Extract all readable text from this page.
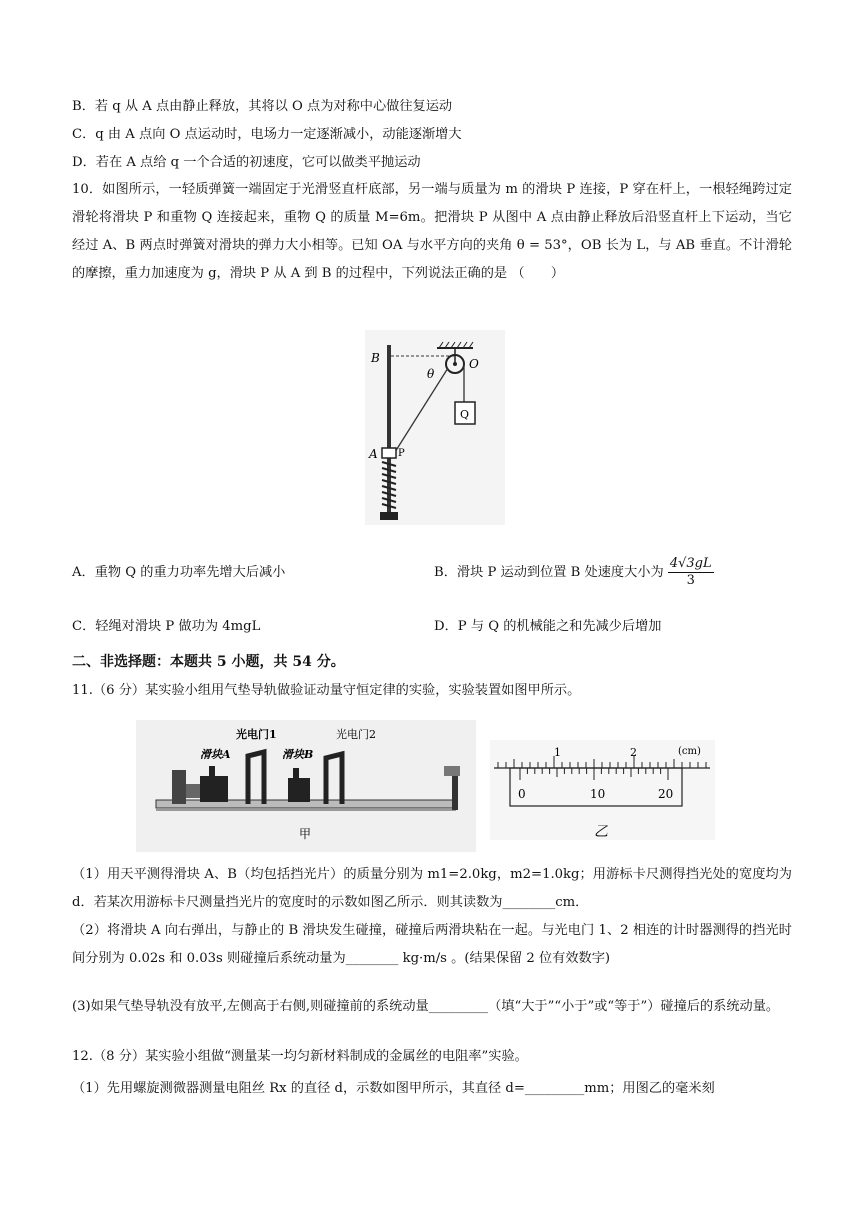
B．若 q 从 A 点由静止释放，其将以 O 点为对称中心做往复运动
C．q 由 A 点向 O 点运动时，电场力一定逐渐减小，动能逐渐增大
D．若在 A 点给 q 一个合适的初速度，它可以做类平抛运动
10．如图所示，一轻质弹簧一端固定于光滑竖直杆底部，另一端与质量为 m 的滑块 P 连接，P 穿在杆上，一根轻绳跨过定滑轮将滑块 P 和重物 Q 连接起来，重物 Q 的质量 M=6m。把滑块 P 从图中 A 点由静止释放后沿竖直杆上下运动，当它经过 A、B 两点时弹簧对滑块的弹力大小相等。已知 OA 与水平方向的夹角 θ = 53°，OB 长为 L，与 AB 垂直。不计滑轮的摩擦，重力加速度为 g，滑块 P 从 A 到 B 的过程中，下列说法正确的是 （　　）
Q
B	O
θ
A P
A．重物 Q 的重力功率先增大后减小	B．滑块 P 运动到位置 B 处速度大小为 $\frac{4√3gL}{3}$
C．轻绳对滑块 P 做功为 4mgL	D．P 与 Q 的机械能之和先减少后增加
二、非选择题：本题共 5 小题，共 54 分。
11.（6 分）某实验小组用气垫导轨做验证动量守恒定律的实验，实验装置如图甲所示。
光电门1	光电门2
滑块A	滑块B
甲
1	2	(cm)
0	10	20
乙
（1）用天平测得滑块 A、B（均包括挡光片）的质量分别为 m1=2.0kg，m2=1.0kg；用游标卡尺测得挡光处的宽度均为 d．若某次用游标卡尺测量挡光片的宽度时的示数如图乙所示．则其读数为________cm．
（2）将滑块 A 向右弹出，与静止的 B 滑块发生碰撞，碰撞后两滑块粘在一起。与光电门 1、2 相连的计时器测得的挡光时间分别为 0.02s 和 0.03s 则碰撞后系统动量为________ kg·m/s 。(结果保留 2 位有效数字)
(3)如果气垫导轨没有放平,左侧高于右侧,则碰撞前的系统动量_________（填“大于”“小于”或“等于”）碰撞后的系统动量。
12.（8 分）某实验小组做“测量某一均匀新材料制成的金属丝的电阻率”实验。
（1）先用螺旋测微器测量电阻丝 Rx 的直径 d，示数如图甲所示，其直径 d=_________mm；用图乙的毫米刻
